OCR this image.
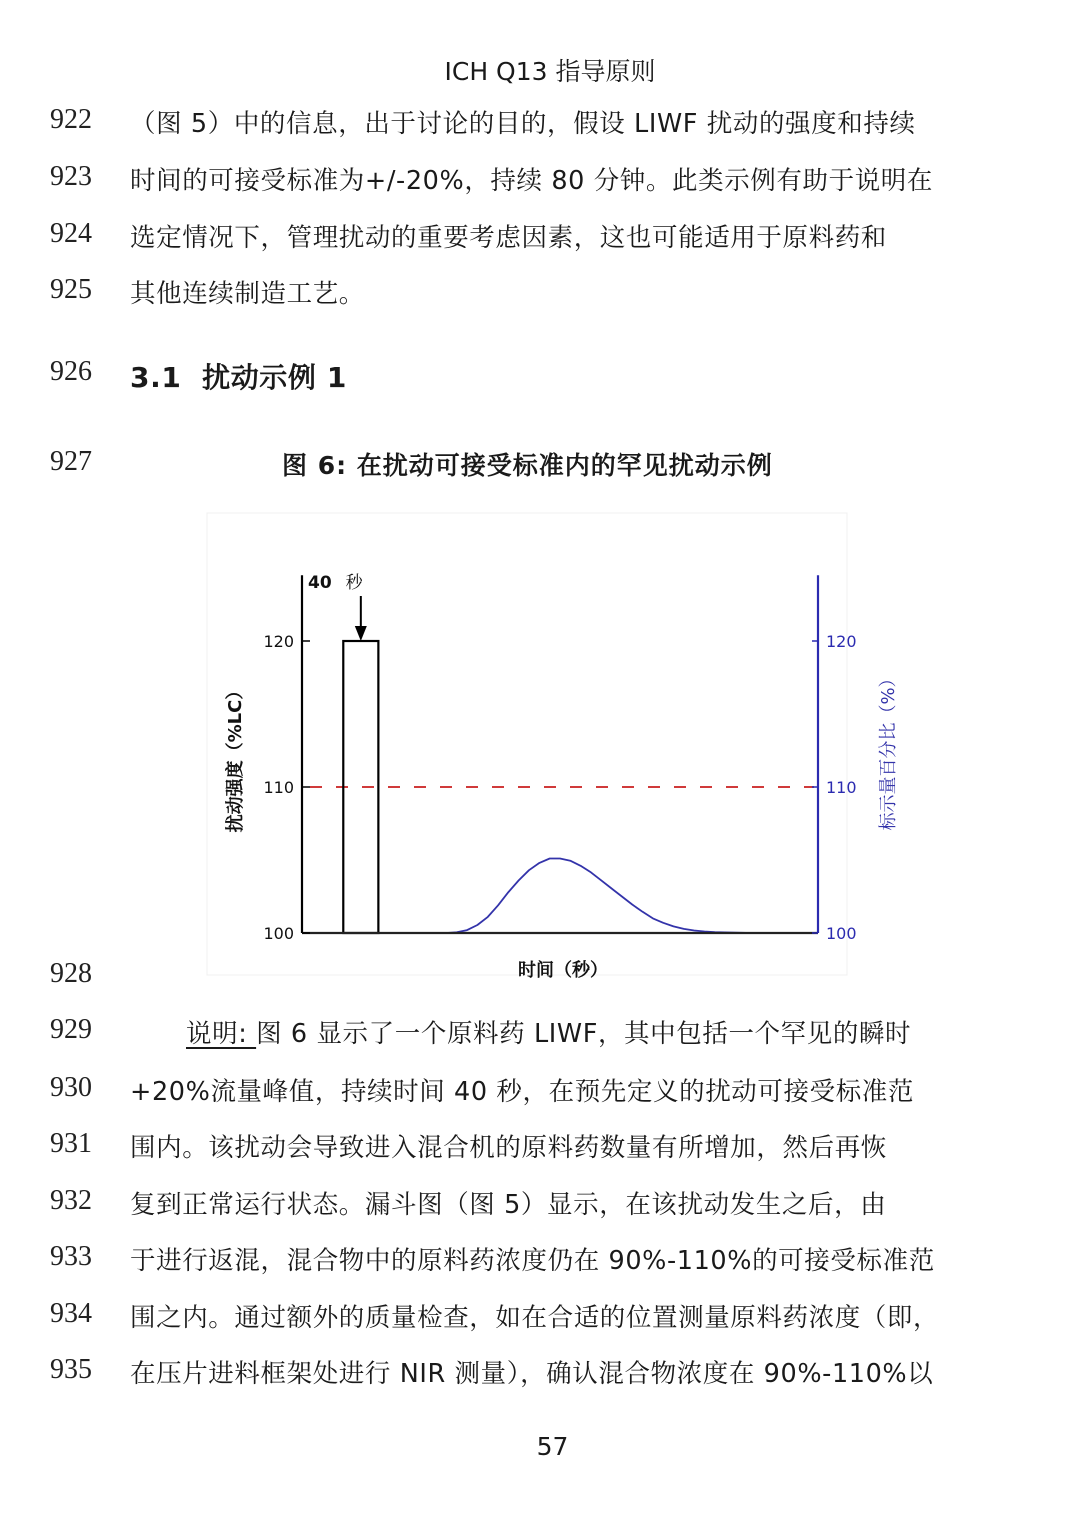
ICH Q13 指导原则
922 （图 5）中的信息，出于讨论的目的，假设 LIWF 扰动的强度和持续
923 时间的可接受标准为+/-20%，持续 80 分钟。此类示例有助于说明在
924 选定情况下，管理扰动的重要考虑因素，这也可能适用于原料药和
925 其他连续制造工艺。
926 3.1 扰动示例 1
927	图 6: 在扰动可接受标准内的罕见扰动示例
100
110
120
100
110
120
时间（秒）
扰动强度（%LC）	标示量百分比（%）
40 秒
928
929	说明: 图 6 显示了一个原料药 LIWF，其中包括一个罕见的瞬时
930 +20%流量峰值，持续时间 40 秒，在预先定义的扰动可接受标准范
931 围内。该扰动会导致进入混合机的原料药数量有所增加，然后再恢
932 复到正常运行状态。漏斗图（图 5）显示，在该扰动发生之后，由
933 于进行返混，混合物中的原料药浓度仍在 90%-110%的可接受标准范
934 围之内。通过额外的质量检查，如在合适的位置测量原料药浓度（即，
935 在压片进料框架处进行 NIR 测量），确认混合物浓度在 90%-110%以
57
